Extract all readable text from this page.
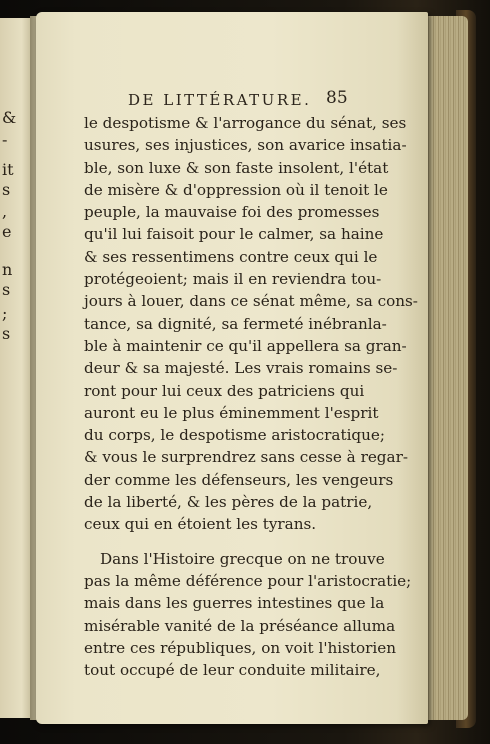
&
-
it
s
,
e
n
s
;
s
DE LITTÉRATURE. 85
le despotisme & l'arrogance du sénat, ses
usures, ses injustices, son avarice insatia-
ble, son luxe & son faste insolent, l'état
de misère & d'oppression où il tenoit le
peuple, la mauvaise foi des promesses
qu'il lui faisoit pour le calmer, sa haine
& ses ressentimens contre ceux qui le
protégeoient; mais il en reviendra tou-
jours à louer, dans ce sénat même, sa cons-
tance, sa dignité, sa fermeté inébranla-
ble à maintenir ce qu'il appellera sa gran-
deur & sa majesté. Les vrais romains se-
ront pour lui ceux des patriciens qui
auront eu le plus éminemment l'esprit
du corps, le despotisme aristocratique;
& vous le surprendrez sans cesse à regar-
der comme les défenseurs, les vengeurs
de la liberté, & les pères de la patrie,
ceux qui en étoient les tyrans.
Dans l'Histoire grecque on ne trouve
pas la même déférence pour l'aristocratie;
mais dans les guerres intestines que la
misérable vanité de la préséance alluma
entre ces républiques, on voit l'historien
tout occupé de leur conduite militaire,
